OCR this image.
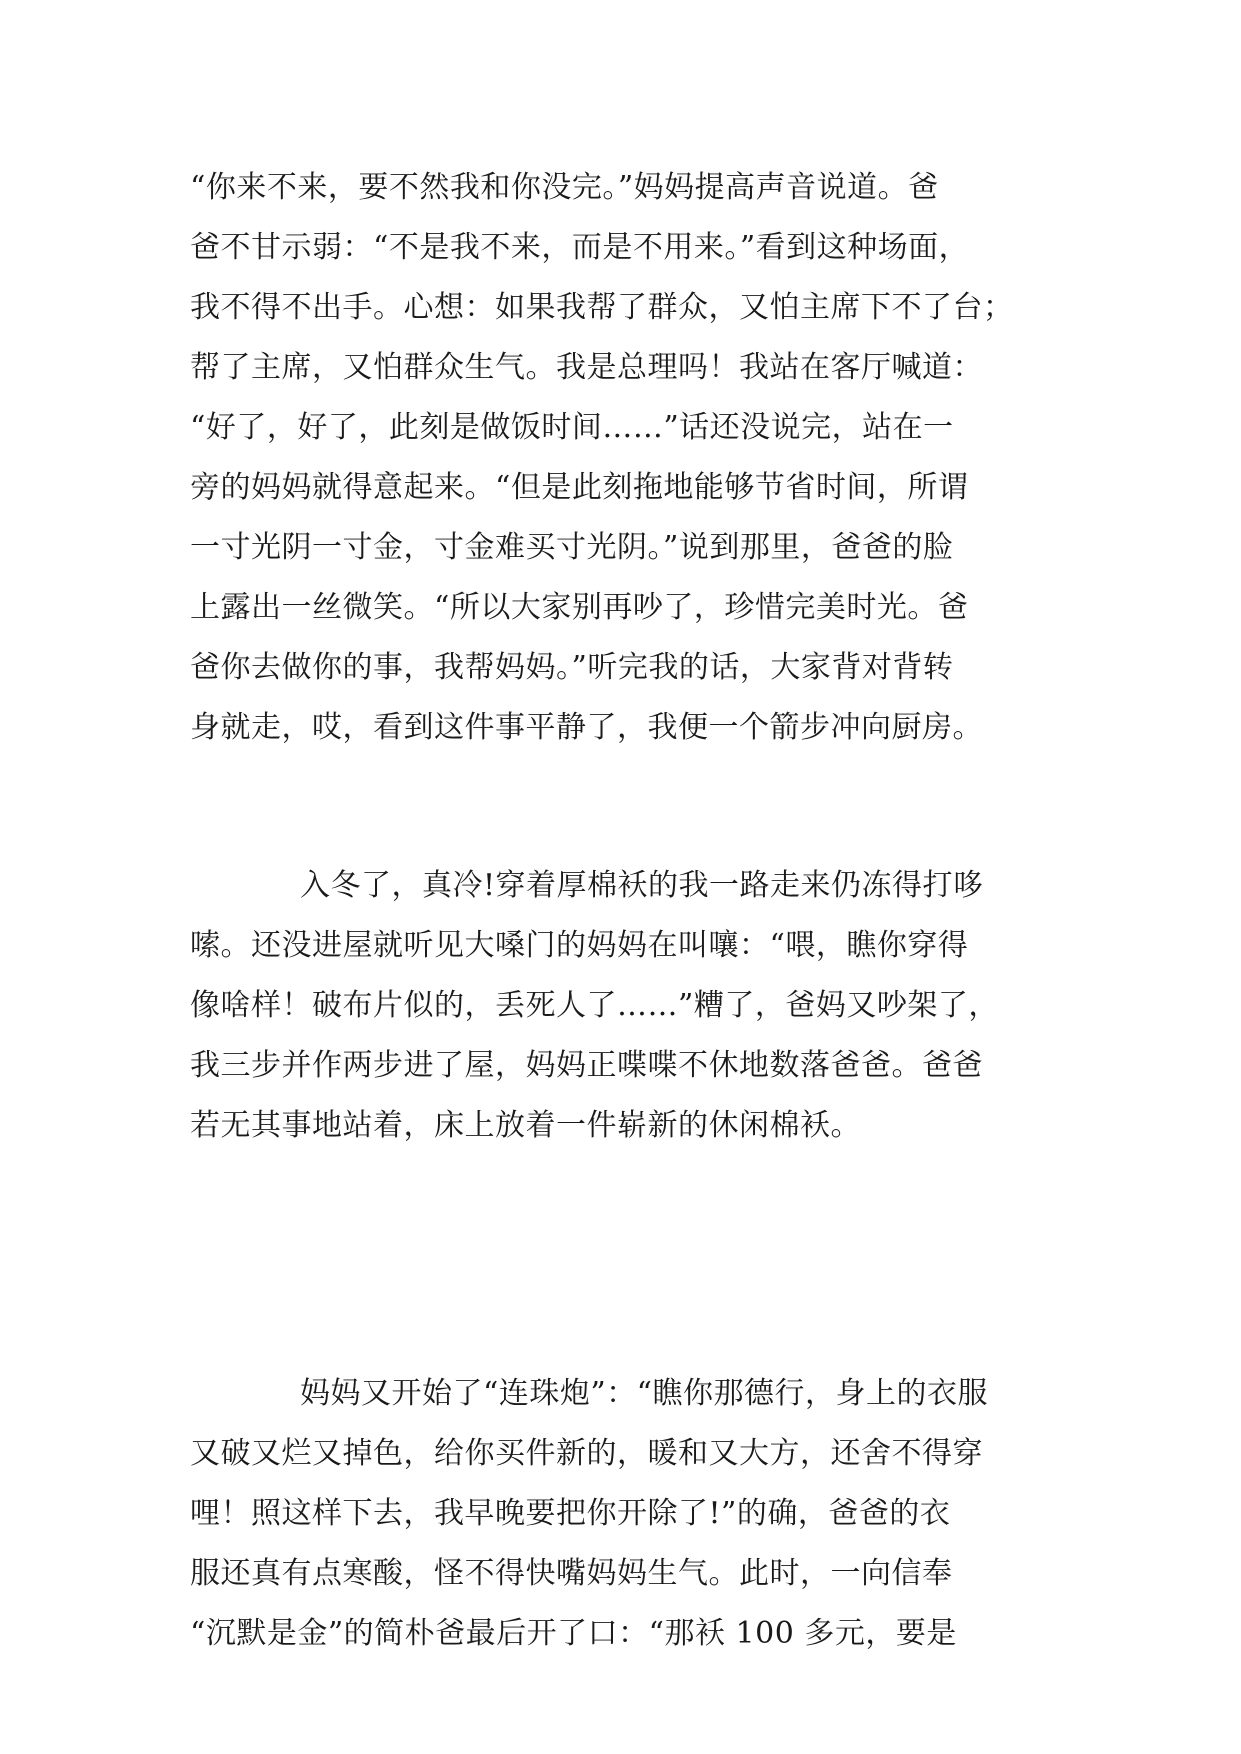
“你来不来，要不然我和你没完。”妈妈提高声音说道。爸
爸不甘示弱：“不是我不来，而是不用来。”看到这种场面，
我不得不出手。心想：如果我帮了群众，又怕主席下不了台；
帮了主席，又怕群众生气。我是总理吗！我站在客厅喊道：
“好了，好了，此刻是做饭时间……”话还没说完，站在一
旁的妈妈就得意起来。“但是此刻拖地能够节省时间，所谓
一寸光阴一寸金，寸金难买寸光阴。”说到那里，爸爸的脸
上露出一丝微笑。“所以大家别再吵了，珍惜完美时光。爸
爸你去做你的事，我帮妈妈。”听完我的话，大家背对背转
身就走，哎，看到这件事平静了，我便一个箭步冲向厨房。
入冬了，真冷!穿着厚棉袄的我一路走来仍冻得打哆
嗦。还没进屋就听见大嗓门的妈妈在叫嚷：“喂，瞧你穿得
像啥样！破布片似的，丢死人了……”糟了，爸妈又吵架了，
我三步并作两步进了屋，妈妈正喋喋不休地数落爸爸。爸爸
若无其事地站着，床上放着一件崭新的休闲棉袄。
妈妈又开始了“连珠炮”：“瞧你那德行，身上的衣服
又破又烂又掉色，给你买件新的，暖和又大方，还舍不得穿
哩！照这样下去，我早晚要把你开除了!”的确，爸爸的衣
服还真有点寒酸，怪不得快嘴妈妈生气。此时，一向信奉
“沉默是金”的简朴爸最后开了口：“那袄 100 多元，要是
